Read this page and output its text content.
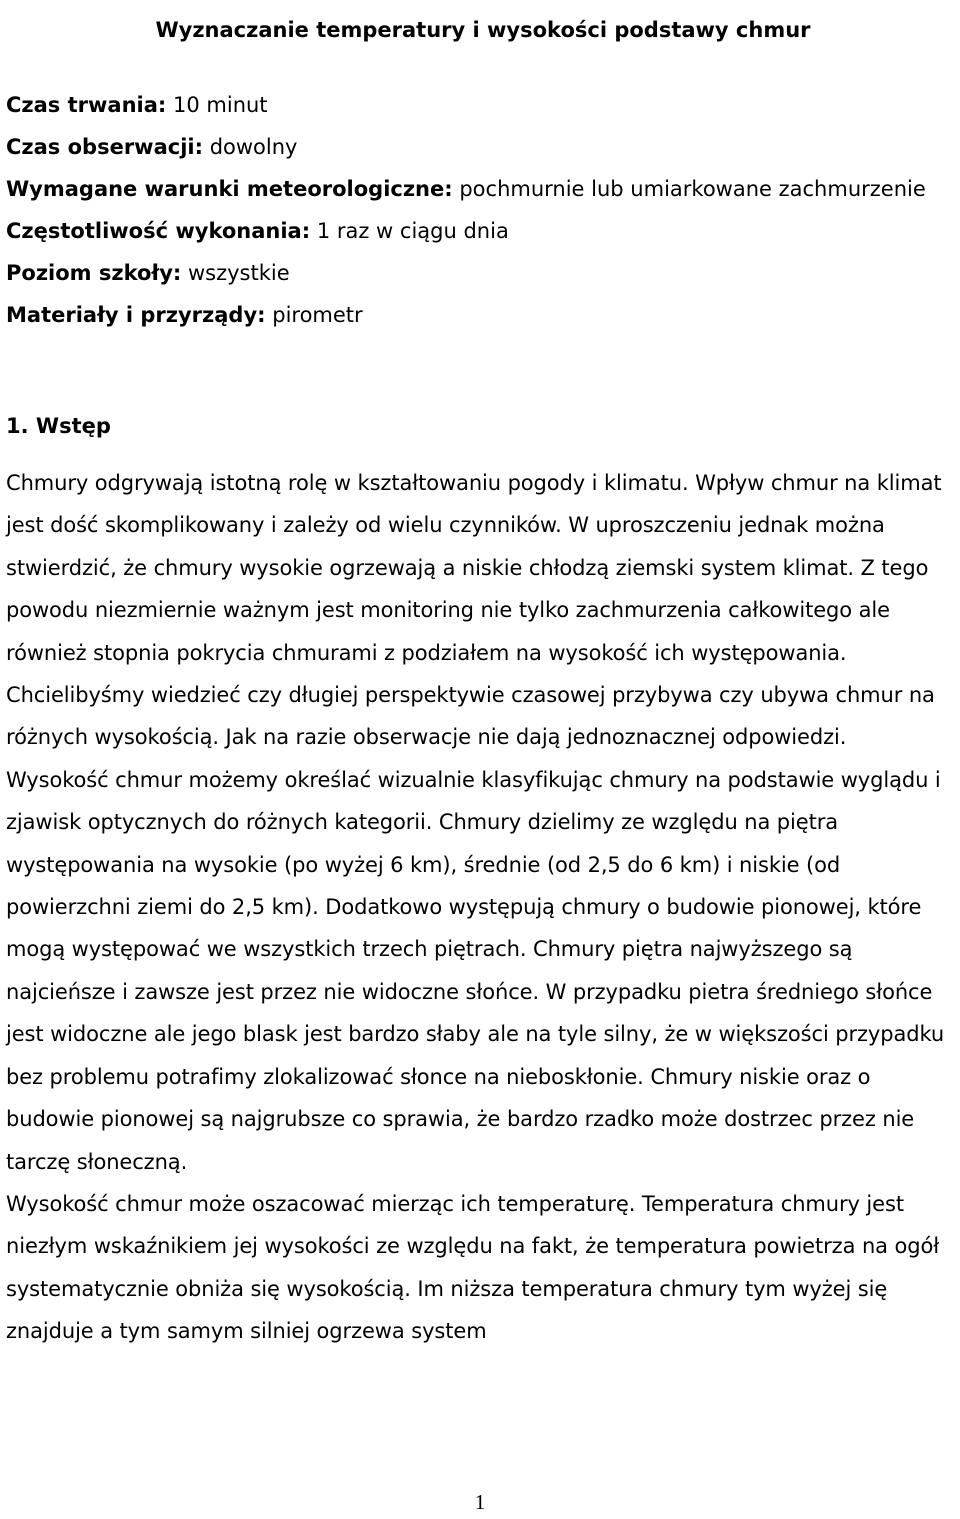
Wyznaczanie temperatury i wysokości podstawy chmur

Czas trwania: 10 minut

Czas obserwacji: dowolny

Wymagane warunki meteorologiczne: pochmurnie lub umiarkowane zachmurzenie

Częstotliwość wykonania: 1 raz w ciągu dnia

Poziom szkoły: wszystkie

Materiały i przyrządy: pirometr

1. Wstęp

Chmury odgrywają istotną rolę w kształtowaniu pogody i klimatu. Wpływ chmur na klimat jest dość skomplikowany i zależy od wielu czynników. W uproszczeniu jednak można stwierdzić, że chmury wysokie ogrzewają a niskie chłodzą ziemski system klimat. Z tego powodu niezmiernie ważnym jest monitoring nie tylko zachmurzenia całkowitego ale również stopnia pokrycia chmurami z podziałem na wysokość ich występowania. Chcielibyśmy wiedzieć czy długiej perspektywie czasowej przybywa czy ubywa chmur na różnych wysokością. Jak na razie obserwacje nie dają jednoznacznej odpowiedzi.

Wysokość chmur możemy określać wizualnie klasyfikując chmury na podstawie wyglądu i zjawisk optycznych do różnych kategorii. Chmury dzielimy ze względu na piętra występowania na wysokie (po wyżej 6 km), średnie (od 2,5 do 6 km) i niskie (od powierzchni ziemi do 2,5 km). Dodatkowo występują chmury o budowie pionowej, które mogą występować we wszystkich trzech piętrach. Chmury piętra najwyższego są najcieńsze i zawsze jest przez nie widoczne słońce. W przypadku pietra średniego słońce jest widoczne ale jego blask jest bardzo słaby ale na tyle silny, że w większości przypadku bez problemu potrafimy zlokalizować słonce na nieboskłonie. Chmury niskie oraz o budowie pionowej są najgrubsze co sprawia, że bardzo rzadko może dostrzec przez nie tarczę słoneczną.

Wysokość chmur może oszacować mierząc ich temperaturę. Temperatura chmury jest niezłym wskaźnikiem jej wysokości ze względu na fakt, że temperatura powietrza na ogół systematycznie obniża się wysokością. Im niższa temperatura chmury tym wyżej się znajduje a tym samym silniej ogrzewa system

1
